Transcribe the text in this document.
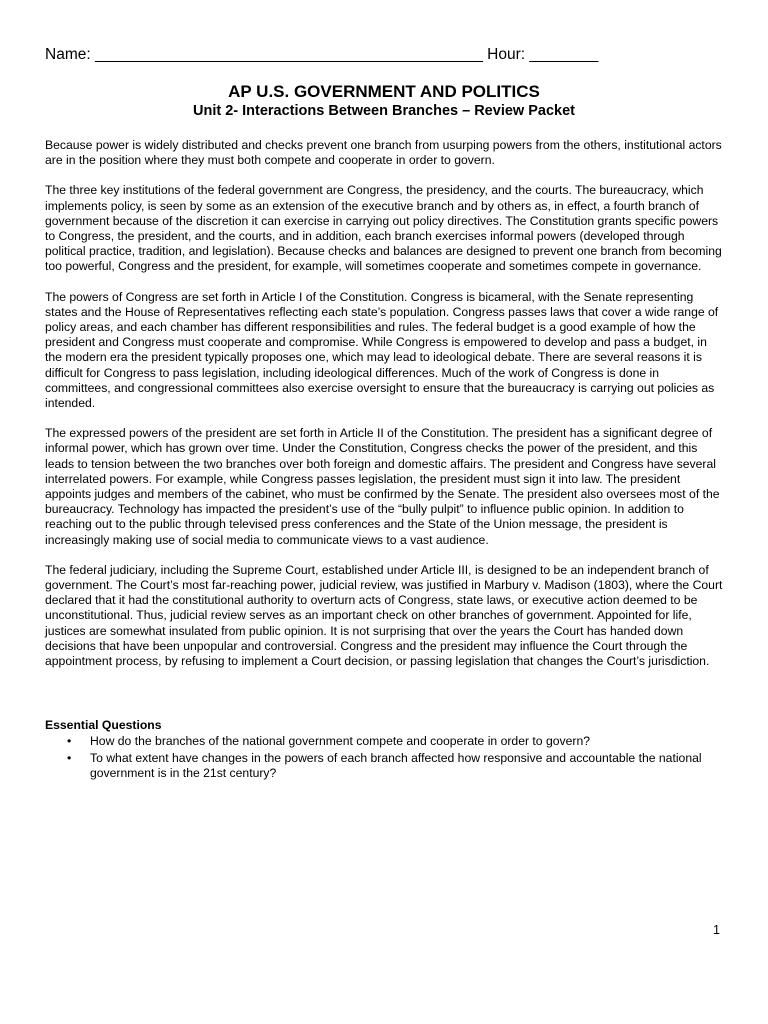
Name: _____________________________________________ Hour: ________
AP U.S. GOVERNMENT AND POLITICS
Unit 2- Interactions Between Branches – Review Packet

Because power is widely distributed and checks prevent one branch from usurping powers from the others, institutional actors are in the position where they must both compete and cooperate in order to govern.

The three key institutions of the federal government are Congress, the presidency, and the courts. The bureaucracy, which implements policy, is seen by some as an extension of the executive branch and by others as, in effect, a fourth branch of government because of the discretion it can exercise in carrying out policy directives. The Constitution grants specific powers to Congress, the president, and the courts, and in addition, each branch exercises informal powers (developed through political practice, tradition, and legislation). Because checks and balances are designed to prevent one branch from becoming too powerful, Congress and the president, for example, will sometimes cooperate and sometimes compete in governance.

The powers of Congress are set forth in Article I of the Constitution. Congress is bicameral, with the Senate representing states and the House of Representatives reflecting each state’s population. Congress passes laws that cover a wide range of policy areas, and each chamber has different responsibilities and rules. The federal budget is a good example of how the president and Congress must cooperate and compromise. While Congress is empowered to develop and pass a budget, in the modern era the president typically proposes one, which may lead to ideological debate. There are several reasons it is difficult for Congress to pass legislation, including ideological differences. Much of the work of Congress is done in committees, and congressional committees also exercise oversight to ensure that the bureaucracy is carrying out policies as intended.

The expressed powers of the president are set forth in Article II of the Constitution. The president has a significant degree of informal power, which has grown over time. Under the Constitution, Congress checks the power of the president, and this leads to tension between the two branches over both foreign and domestic affairs. The president and Congress have several interrelated powers. For example, while Congress passes legislation, the president must sign it into law. The president appoints judges and members of the cabinet, who must be confirmed by the Senate. The president also oversees most of the bureaucracy. Technology has impacted the president’s use of the “bully pulpit” to influence public opinion. In addition to reaching out to the public through televised press conferences and the State of the Union message, the president is increasingly making use of social media to communicate views to a vast audience.

The federal judiciary, including the Supreme Court, established under Article III, is designed to be an independent branch of government. The Court’s most far-reaching power, judicial review, was justified in Marbury v. Madison (1803), where the Court declared that it had the constitutional authority to overturn acts of Congress, state laws, or executive action deemed to be unconstitutional. Thus, judicial review serves as an important check on other branches of government. Appointed for life, justices are somewhat insulated from public opinion. It is not surprising that over the years the Court has handed down decisions that have been unpopular and controversial. Congress and the president may influence the Court through the appointment process, by refusing to implement a Court decision, or passing legislation that changes the Court’s jurisdiction.

Essential Questions
• How do the branches of the national government compete and cooperate in order to govern?
• To what extent have changes in the powers of each branch affected how responsive and accountable the national government is in the 21st century?
1
